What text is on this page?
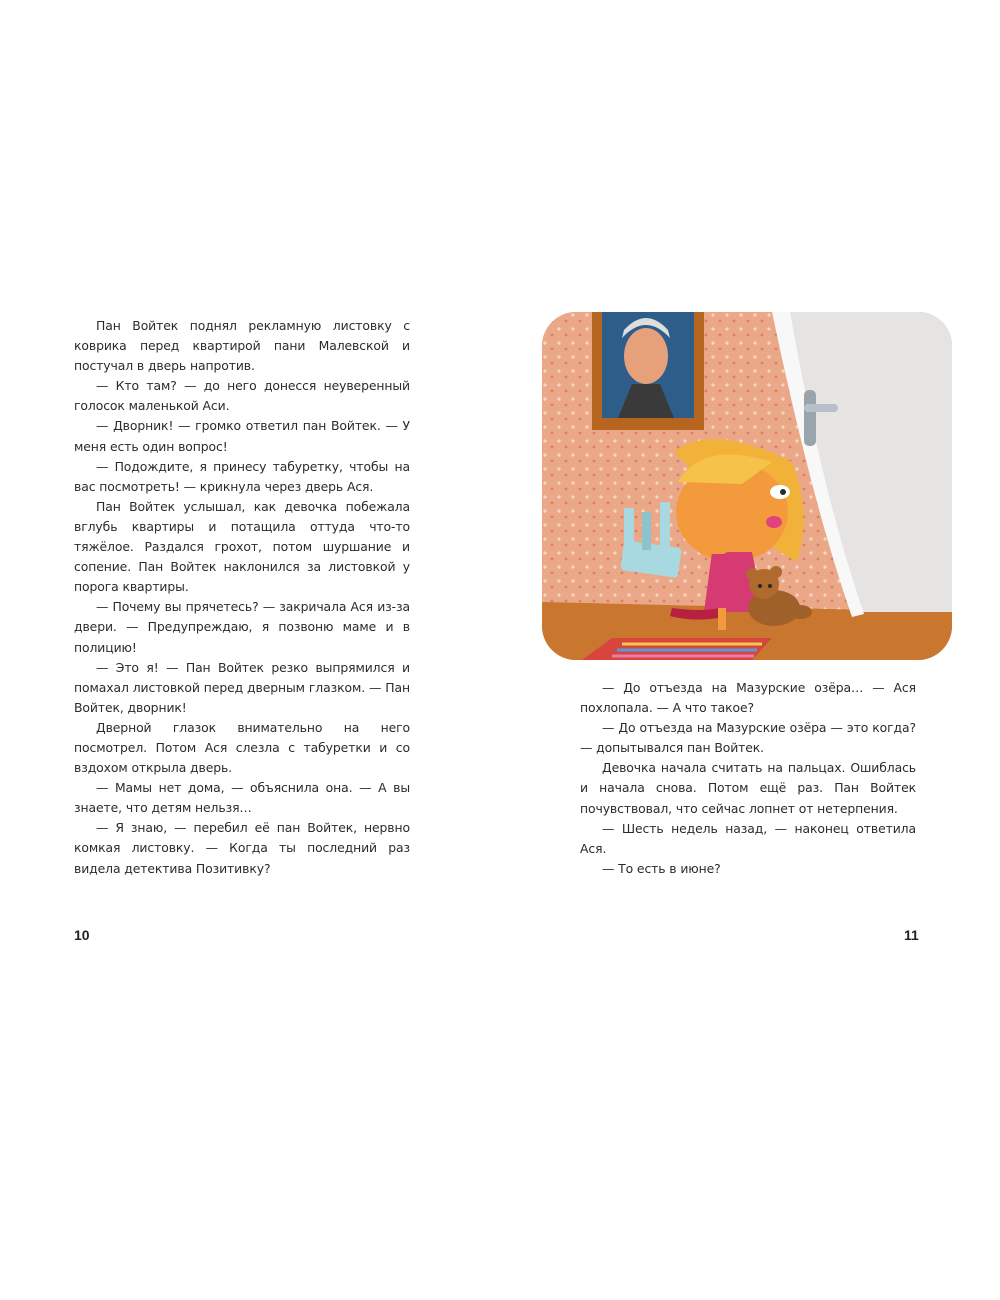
Пан Войтек поднял рекламную листовку с коврика перед квартирой пани Малевской и постучал в дверь напротив.

— Кто там? — до него донесся неуверенный голосок маленькой Аси.

— Дворник! — громко ответил пан Войтек. — У меня есть один вопрос!

— Подождите, я принесу табуретку, чтобы на вас посмотреть! — крикнула через дверь Ася.

Пан Войтек услышал, как девочка побежала вглубь квартиры и потащила оттуда что-то тяжёлое. Раздался грохот, потом шуршание и сопение. Пан Войтек наклонился за листовкой у порога квартиры.

— Почему вы прячетесь? — закричала Ася из-за двери. — Предупреждаю, я позвоню маме и в полицию!

— Это я! — Пан Войтек резко выпрямился и помахал листовкой перед дверным глазком. — Пан Войтек, дворник!

Дверной глазок внимательно на него посмотрел. Потом Ася слезла с табуретки и со вздохом открыла дверь.

— Мамы нет дома, — объяснила она. — А вы знаете, что детям нельзя…

— Я знаю, — перебил её пан Войтек, нервно комкая листовку. — Когда ты последний раз видела детектива Позитивку?

10

— До отъезда на Мазурские озёра… — Ася похлопала. — А что такое?

— До отъезда на Мазурские озёра — это когда? — допытывался пан Войтек.

Девочка начала считать на пальцах. Ошиблась и начала снова. Потом ещё раз. Пан Войтек почувствовал, что сейчас лопнет от нетерпения.

— Шесть недель назад, — наконец ответила Ася.

— То есть в июне?

11
